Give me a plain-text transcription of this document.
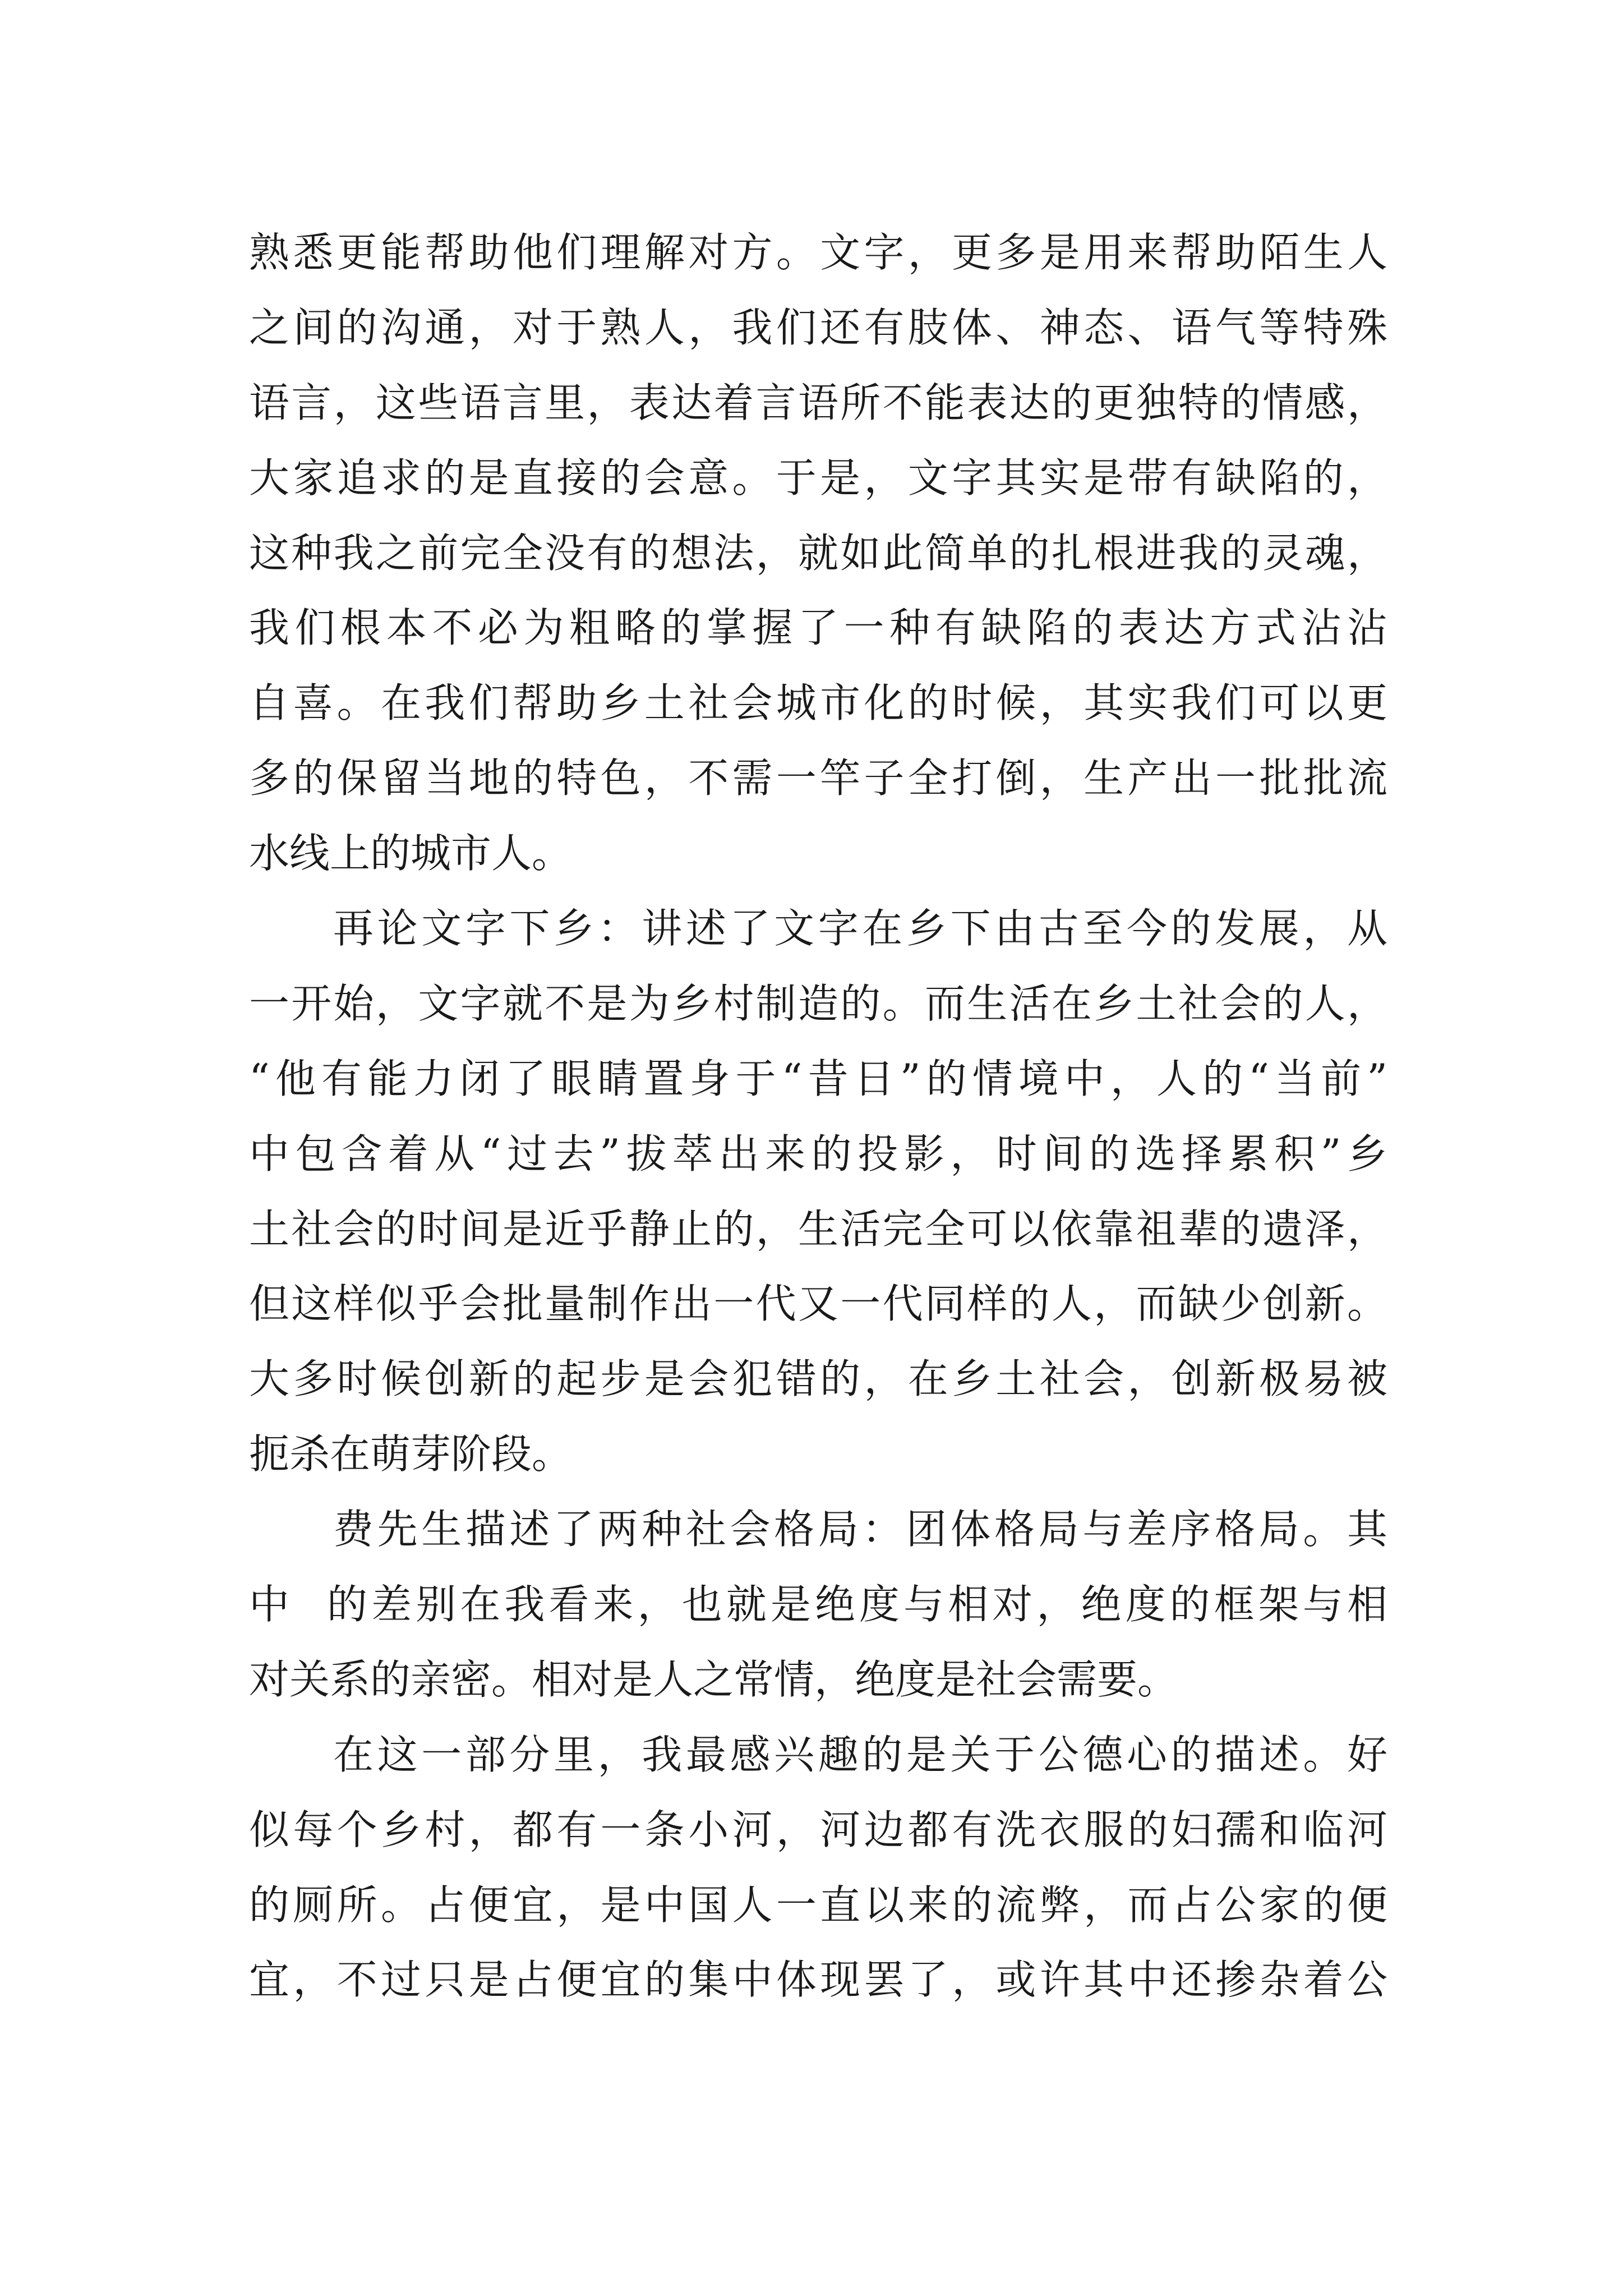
熟悉更能帮助他们理解对方。文字，更多是用来帮助陌生人
之间的沟通，对于熟人，我们还有肢体、神态、语气等特殊
语言，这些语言里，表达着言语所不能表达的更独特的情感，
大家追求的是直接的会意。于是，文字其实是带有缺陷的，
这种我之前完全没有的想法，就如此简单的扎根进我的灵魂，
我们根本不必为粗略的掌握了一种有缺陷的表达方式沾沾
自喜。在我们帮助乡土社会城市化的时候，其实我们可以更
多的保留当地的特色，不需一竿子全打倒，生产出一批批流
水线上的城市人。
再论文字下乡：讲述了文字在乡下由古至今的发展，从
一开始，文字就不是为乡村制造的。而生活在乡土社会的人，
“他有能力闭了眼睛置身于“昔日”的情境中，人的“当前”
中包含着从“过去”拔萃出来的投影，时间的选择累积”乡
土社会的时间是近乎静止的，生活完全可以依靠祖辈的遗泽，
但这样似乎会批量制作出一代又一代同样的人，而缺少创新。
大多时候创新的起步是会犯错的，在乡土社会，创新极易被
扼杀在萌芽阶段。
费先生描述了两种社会格局：团体格局与差序格局。其
中  的差别在我看来，也就是绝度与相对，绝度的框架与相
对关系的亲密。相对是人之常情，绝度是社会需要。
在这一部分里，我最感兴趣的是关于公德心的描述。好
似每个乡村，都有一条小河，河边都有洗衣服的妇孺和临河
的厕所。占便宜，是中国人一直以来的流弊，而占公家的便
宜，不过只是占便宜的集中体现罢了，或许其中还掺杂着公
